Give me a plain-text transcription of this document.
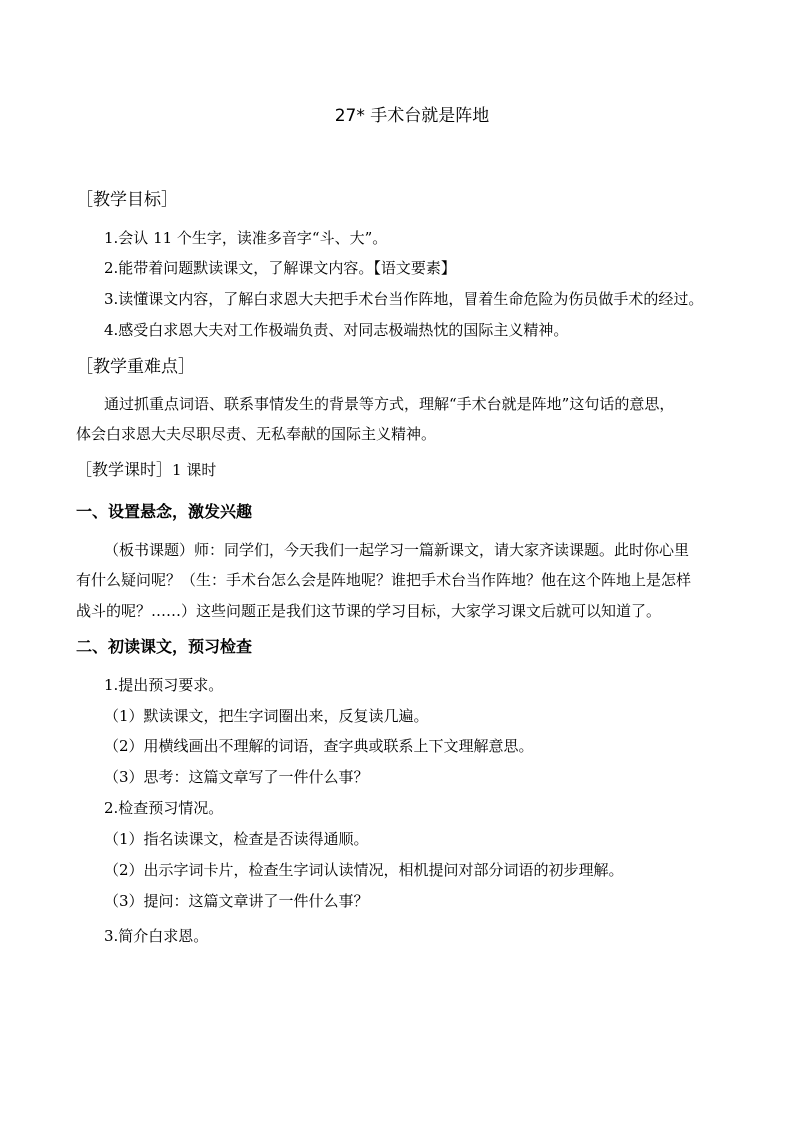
27* 手术台就是阵地
［教学目标］
1.会认 11 个生字，读准多音字“斗、大”。
2.能带着问题默读课文，了解课文内容。【语文要素】
3.读懂课文内容，了解白求恩大夫把手术台当作阵地，冒着生命危险为伤员做手术的经过。
4.感受白求恩大夫对工作极端负责、对同志极端热忱的国际主义精神。
［教学重难点］
通过抓重点词语、联系事情发生的背景等方式，理解“手术台就是阵地”这句话的意思，
体会白求恩大夫尽职尽责、无私奉献的国际主义精神。
［教学课时］1 课时
一、设置悬念，激发兴趣
（板书课题）师：同学们，今天我们一起学习一篇新课文，请大家齐读课题。此时你心里
有什么疑问呢？（生：手术台怎么会是阵地呢？谁把手术台当作阵地？他在这个阵地上是怎样
战斗的呢？……）这些问题正是我们这节课的学习目标，大家学习课文后就可以知道了。
二、初读课文，预习检查
1.提出预习要求。
（1）默读课文，把生字词圈出来，反复读几遍。
（2）用横线画出不理解的词语，查字典或联系上下文理解意思。
（3）思考：这篇文章写了一件什么事？
2.检查预习情况。
（1）指名读课文，检查是否读得通顺。
（2）出示字词卡片，检查生字词认读情况，相机提问对部分词语的初步理解。
（3）提问：这篇文章讲了一件什么事？
3.简介白求恩。
